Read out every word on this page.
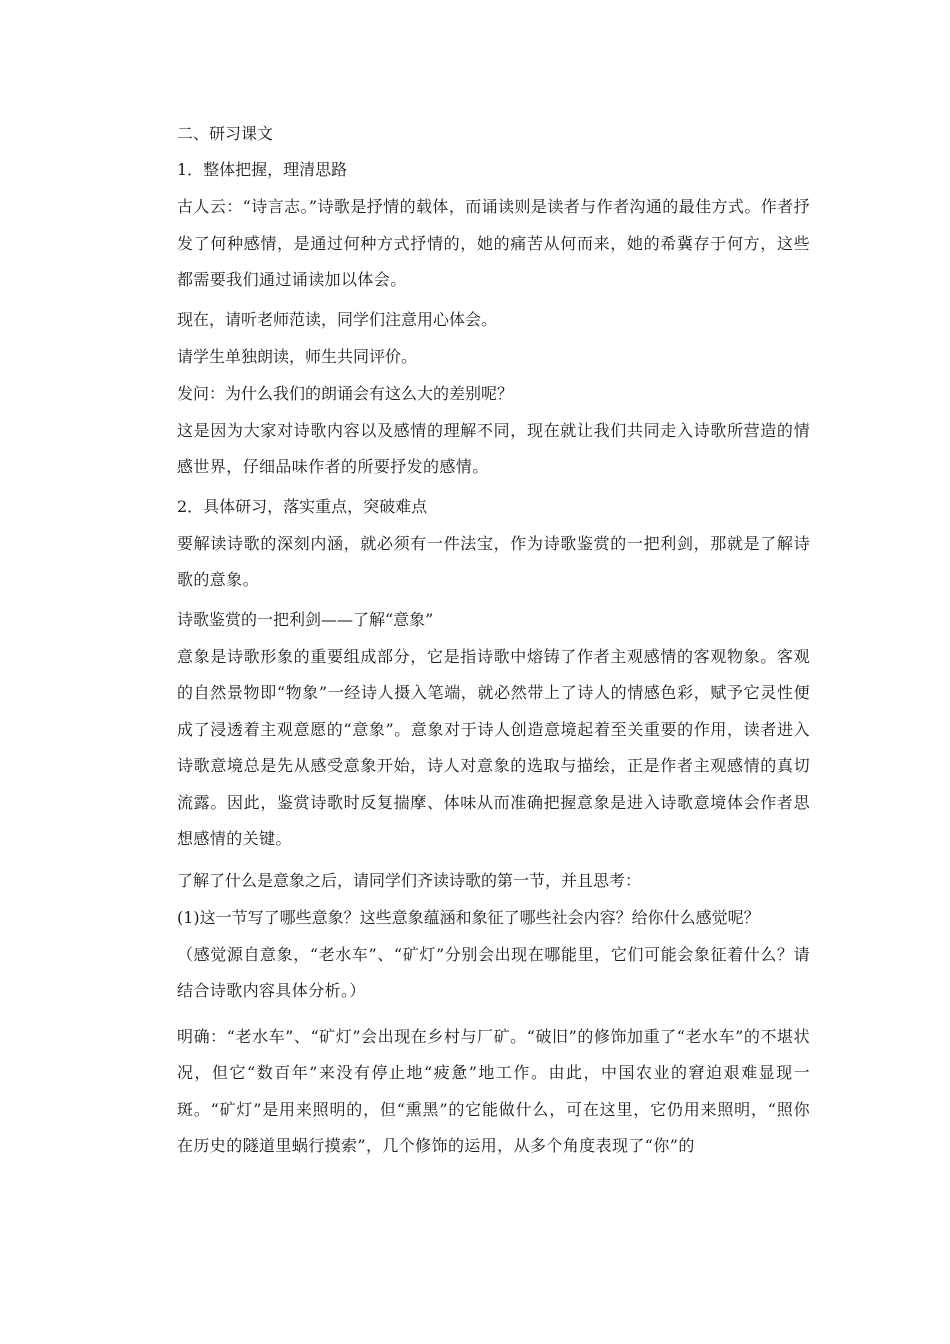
二、研习课文

1．整体把握，理清思路

古人云：“诗言志。”诗歌是抒情的载体，而诵读则是读者与作者沟通的最佳方式。作者抒发了何种感情，是通过何种方式抒情的，她的痛苦从何而来，她的希冀存于何方，这些都需要我们通过诵读加以体会。

现在，请听老师范读，同学们注意用心体会。

请学生单独朗读，师生共同评价。

发问：为什么我们的朗诵会有这么大的差别呢？

这是因为大家对诗歌内容以及感情的理解不同，现在就让我们共同走入诗歌所营造的情感世界，仔细品味作者的所要抒发的感情。

2．具体研习，落实重点，突破难点

要解读诗歌的深刻内涵，就必须有一件法宝，作为诗歌鉴赏的一把利剑，那就是了解诗歌的意象。

诗歌鉴赏的一把利剑——了解“意象”

意象是诗歌形象的重要组成部分，它是指诗歌中熔铸了作者主观感情的客观物象。客观的自然景物即“物象”一经诗人摄入笔端，就必然带上了诗人的情感色彩，赋予它灵性便成了浸透着主观意愿的“意象”。意象对于诗人创造意境起着至关重要的作用，读者进入诗歌意境总是先从感受意象开始，诗人对意象的选取与描绘，正是作者主观感情的真切流露。因此，鉴赏诗歌时反复揣摩、体味从而准确把握意象是进入诗歌意境体会作者思想感情的关键。

了解了什么是意象之后，请同学们齐读诗歌的第一节，并且思考：

(1)这一节写了哪些意象？这些意象蕴涵和象征了哪些社会内容？给你什么感觉呢？

（感觉源自意象，“老水车”、“矿灯”分别会出现在哪能里，它们可能会象征着什么？请结合诗歌内容具体分析。）

明确：“老水车”、“矿灯”会出现在乡村与厂矿。“破旧”的修饰加重了“老水车”的不堪状况，但它“数百年”来没有停止地“疲惫”地工作。由此，中国农业的窘迫艰难显现一斑。“矿灯”是用来照明的，但“熏黑”的它能做什么，可在这里，它仍用来照明，“照你在历史的隧道里蜗行摸索”，几个修饰的运用，从多个角度表现了“你”的
